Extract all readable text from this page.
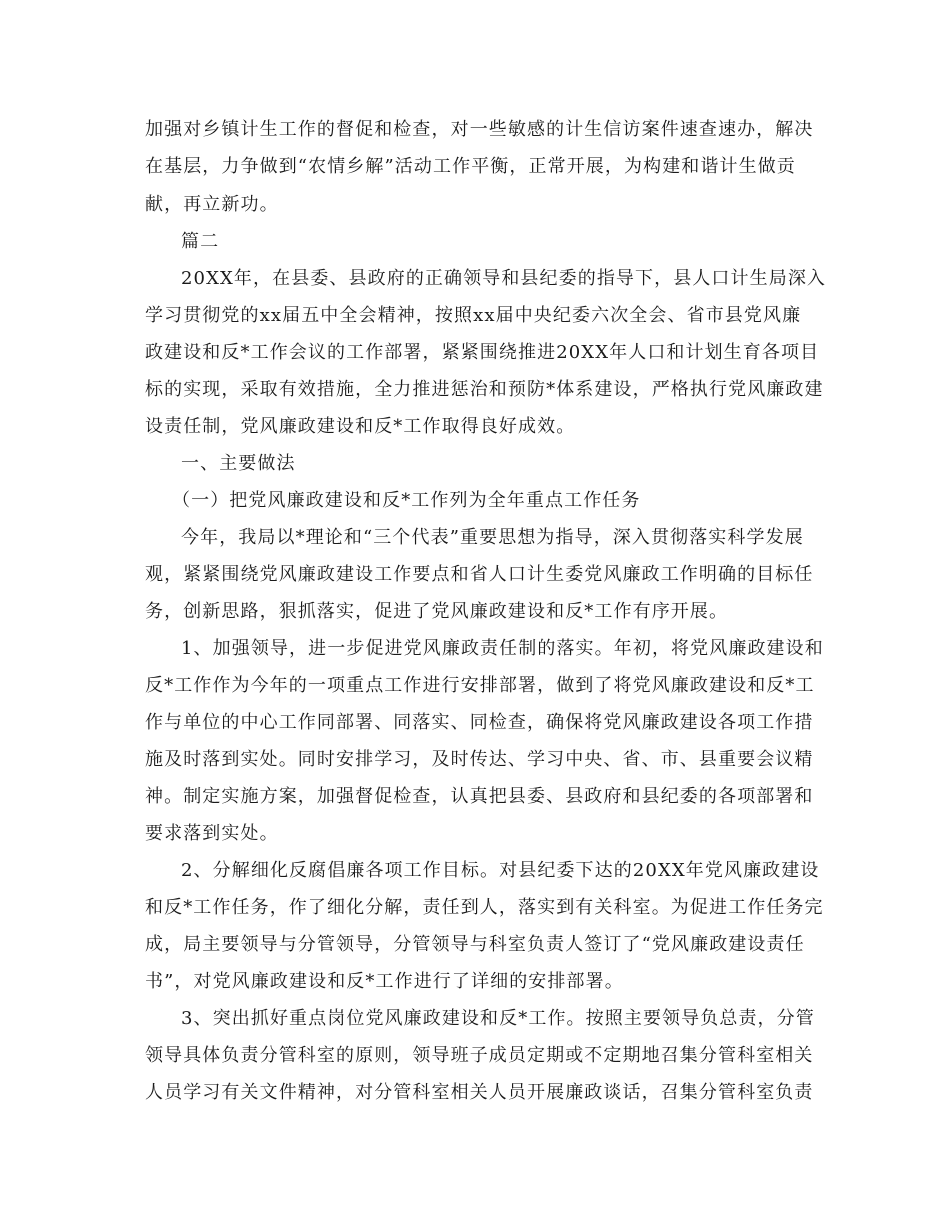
加强对乡镇计生工作的督促和检查，对一些敏感的计生信访案件速查速办，解决
在基层，力争做到“农情乡解”活动工作平衡，正常开展，为构建和谐计生做贡
献，再立新功。
篇二
20XX年，在县委、县政府的正确领导和县纪委的指导下，县人口计生局深入
学习贯彻党的xx届五中全会精神，按照xx届中央纪委六次全会、省市县党风廉
政建设和反*工作会议的工作部署，紧紧围绕推进20XX年人口和计划生育各项目
标的实现，采取有效措施，全力推进惩治和预防*体系建设，严格执行党风廉政建
设责任制，党风廉政建设和反*工作取得良好成效。
一、主要做法
（一）把党风廉政建设和反*工作列为全年重点工作任务
今年，我局以*理论和“三个代表”重要思想为指导，深入贯彻落实科学发展
观，紧紧围绕党风廉政建设工作要点和省人口计生委党风廉政工作明确的目标任
务，创新思路，狠抓落实，促进了党风廉政建设和反*工作有序开展。
1、加强领导，进一步促进党风廉政责任制的落实。年初，将党风廉政建设和
反*工作作为今年的一项重点工作进行安排部署，做到了将党风廉政建设和反*工
作与单位的中心工作同部署、同落实、同检查，确保将党风廉政建设各项工作措
施及时落到实处。同时安排学习，及时传达、学习中央、省、市、县重要会议精
神。制定实施方案，加强督促检查，认真把县委、县政府和县纪委的各项部署和
要求落到实处。
2、分解细化反腐倡廉各项工作目标。对县纪委下达的20XX年党风廉政建设
和反*工作任务，作了细化分解，责任到人，落实到有关科室。为促进工作任务完
成，局主要领导与分管领导，分管领导与科室负责人签订了“党风廉政建设责任
书”，对党风廉政建设和反*工作进行了详细的安排部署。
3、突出抓好重点岗位党风廉政建设和反*工作。按照主要领导负总责，分管
领导具体负责分管科室的原则，领导班子成员定期或不定期地召集分管科室相关
人员学习有关文件精神，对分管科室相关人员开展廉政谈话，召集分管科室负责
